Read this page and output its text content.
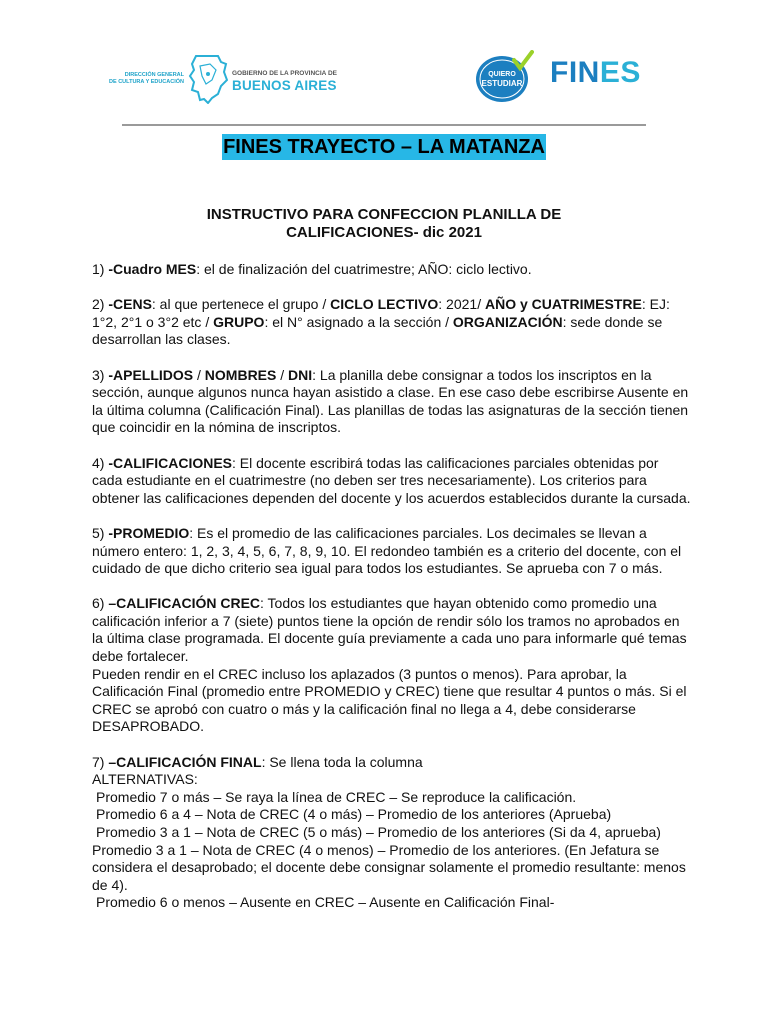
DIRECCIÓN GENERAL
DE CULTURA Y EDUCACIÓN
GOBIERNO DE LA PROVINCIA DE
BUENOS AIRES
QUIERO
ESTUDIAR FINES
FINES TRAYECTO – LA MATANZA
INSTRUCTIVO PARA CONFECCION PLANILLA DE
CALIFICACIONES- dic 2021

1) -Cuadro MES: el de finalización del cuatrimestre; AÑO: ciclo lectivo.

2) -CENS: al que pertenece el grupo / CICLO LECTIVO: 2021/ AÑO y CUATRIMESTRE: EJ: 1°2, 2°1 o 3°2 etc / GRUPO: el N° asignado a la sección / ORGANIZACIÓN: sede donde se desarrollan las clases.

3) -APELLIDOS / NOMBRES / DNI: La planilla debe consignar a todos los inscriptos en la sección, aunque algunos nunca hayan asistido a clase. En ese caso debe escribirse Ausente en la última columna (Calificación Final). Las planillas de todas las asignaturas de la sección tienen que coincidir en la nómina de inscriptos.

4) -CALIFICACIONES: El docente escribirá todas las calificaciones parciales obtenidas por cada estudiante en el cuatrimestre (no deben ser tres necesariamente). Los criterios para obtener las calificaciones dependen del docente y los acuerdos establecidos durante la cursada.

5) -PROMEDIO: Es el promedio de las calificaciones parciales. Los decimales se llevan a número entero: 1, 2, 3, 4, 5, 6, 7, 8, 9, 10. El redondeo también es a criterio del docente, con el cuidado de que dicho criterio sea igual para todos los estudiantes. Se aprueba con 7 o más.

6) –CALIFICACIÓN CREC: Todos los estudiantes que hayan obtenido como promedio una calificación inferior a 7 (siete) puntos tiene la opción de rendir sólo los tramos no aprobados en la última clase programada. El docente guía previamente a cada uno para informarle qué temas debe fortalecer.

Pueden rendir en el CREC incluso los aplazados (3 puntos o menos). Para aprobar, la Calificación Final (promedio entre PROMEDIO y CREC) tiene que resultar 4 puntos o más. Si el CREC se aprobó con cuatro o más y la calificación final no llega a 4, debe considerarse DESAPROBADO.

7) –CALIFICACIÓN FINAL: Se llena toda la columna

ALTERNATIVAS:
Promedio 7 o más – Se raya la línea de CREC – Se reproduce la calificación.
Promedio 6 a 4 – Nota de CREC (4 o más) – Promedio de los anteriores (Aprueba)
Promedio 3 a 1 – Nota de CREC (5 o más) – Promedio de los anteriores (Si da 4, aprueba)
Promedio 3 a 1 – Nota de CREC (4 o menos) – Promedio de los anteriores. (En Jefatura se considera el desaprobado; el docente debe consignar solamente el promedio resultante: menos de 4).
Promedio 6 o menos – Ausente en CREC – Ausente en Calificación Final-
